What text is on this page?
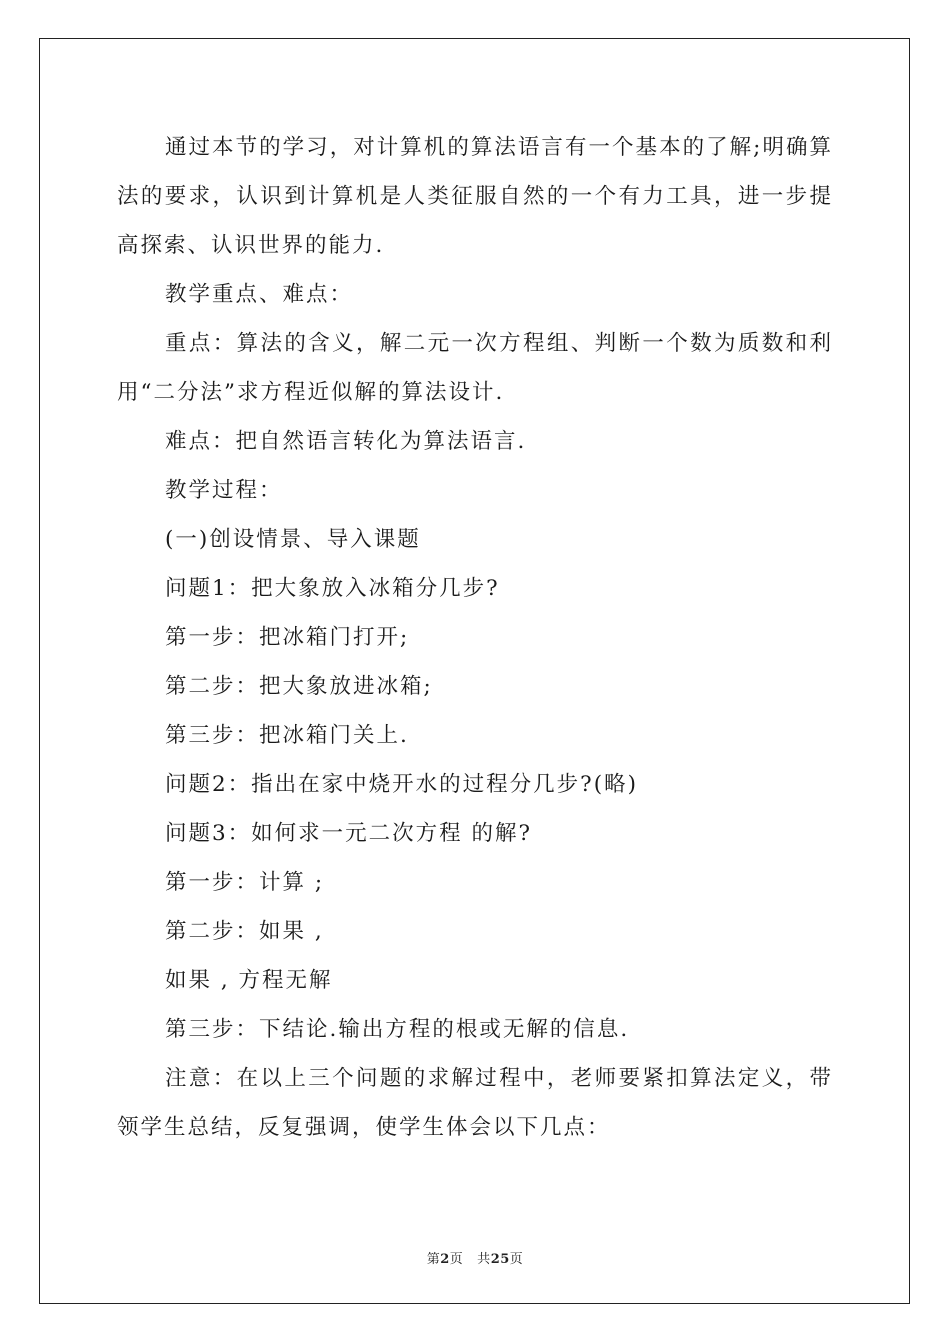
通过本节的学习，对计算机的算法语言有一个基本的了解;明确算法的要求，认识到计算机是人类征服自然的一个有力工具，进一步提高探索、认识世界的能力.

教学重点、难点：

重点：算法的含义，解二元一次方程组、判断一个数为质数和利用“二分法”求方程近似解的算法设计.

难点：把自然语言转化为算法语言.

教学过程：

(一)创设情景、导入课题

问题1：把大象放入冰箱分几步?

第一步：把冰箱门打开;

第二步：把大象放进冰箱;

第三步：把冰箱门关上.

问题2：指出在家中烧开水的过程分几步?(略)

问题3：如何求一元二次方程 的解?

第一步：计算 ;

第二步：如果 ,

如果 , 方程无解

第三步：下结论.输出方程的根或无解的信息.

注意：在以上三个问题的求解过程中，老师要紧扣算法定义，带领学生总结，反复强调，使学生体会以下几点：

第2页 共25页
